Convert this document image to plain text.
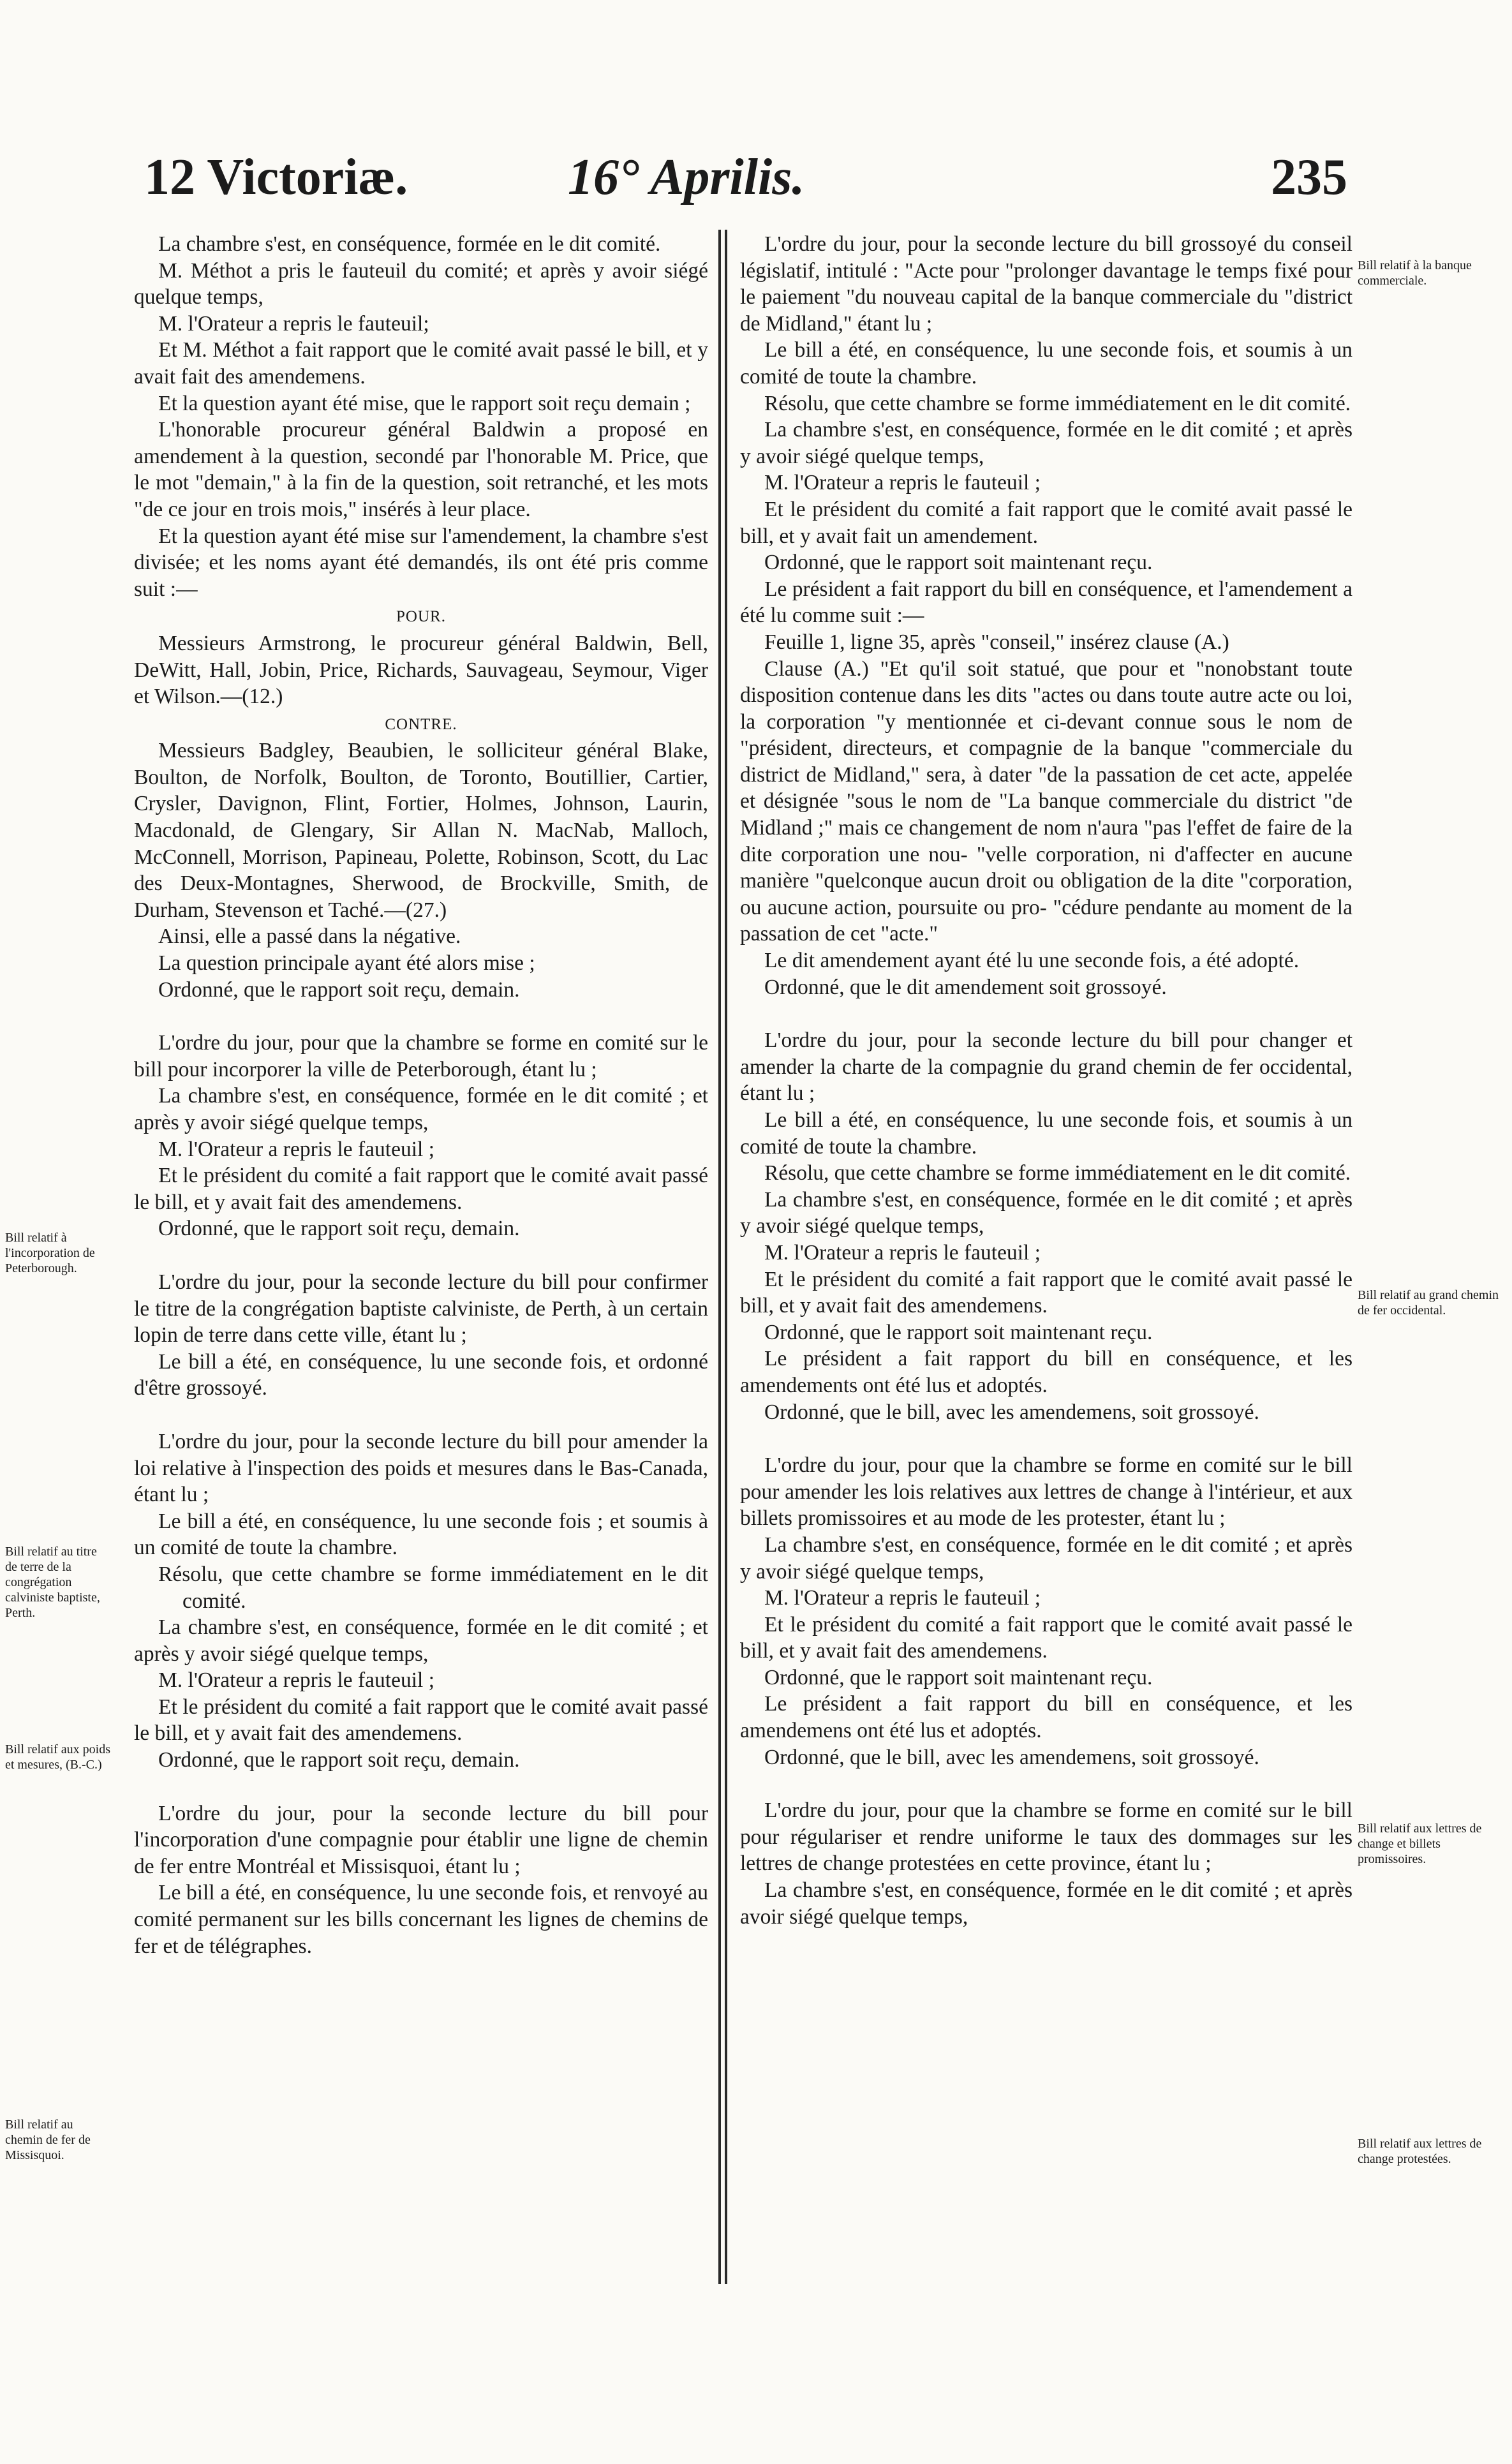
12 Victoriæ.	16° Aprilis.	235
Bill relatif à l'incorporation de Peterborough.
Bill relatif au titre de terre de la congrégation calviniste baptiste, Perth.
Bill relatif aux poids et mesures, (B.-C.)
Bill relatif au chemin de fer de Missisquoi.
Bill relatif à la banque commerciale.
Bill relatif au grand chemin de fer occidental.
Bill relatif aux lettres de change et billets promissoires.
Bill relatif aux lettres de change protestées.

La chambre s'est, en conséquence, formée en le dit comité.

M. Méthot a pris le fauteuil du comité; et après y avoir siégé quelque temps,

M. l'Orateur a repris le fauteuil;

Et M. Méthot a fait rapport que le comité avait passé le bill, et y avait fait des amendemens.

Et la question ayant été mise, que le rapport soit reçu demain ;

L'honorable procureur général Baldwin a proposé en amendement à la question, secondé par l'honorable M. Price, que le mot "demain," à la fin de la question, soit retranché, et les mots "de ce jour en trois mois," insérés à leur place.

Et la question ayant été mise sur l'amendement, la chambre s'est divisée; et les noms ayant été demandés, ils ont été pris comme suit :—

POUR.

Messieurs Armstrong, le procureur général Baldwin, Bell, DeWitt, Hall, Jobin, Price, Richards, Sauvageau, Seymour, Viger et Wilson.—(12.)

CONTRE.

Messieurs Badgley, Beaubien, le solliciteur général Blake, Boulton, de Norfolk, Boulton, de Toronto, Boutillier, Cartier, Crysler, Davignon, Flint, Fortier, Holmes, Johnson, Laurin, Macdonald, de Glengary, Sir Allan N. MacNab, Malloch, McConnell, Morrison, Papineau, Polette, Robinson, Scott, du Lac des Deux-Montagnes, Sherwood, de Brockville, Smith, de Durham, Stevenson et Taché.—(27.)

Ainsi, elle a passé dans la négative.

La question principale ayant été alors mise ;

Ordonné, que le rapport soit reçu, demain.

L'ordre du jour, pour que la chambre se forme en comité sur le bill pour incorporer la ville de Peterborough, étant lu ;

La chambre s'est, en conséquence, formée en le dit comité ; et après y avoir siégé quelque temps,

M. l'Orateur a repris le fauteuil ;

Et le président du comité a fait rapport que le comité avait passé le bill, et y avait fait des amendemens.

Ordonné, que le rapport soit reçu, demain.

L'ordre du jour, pour la seconde lecture du bill pour confirmer le titre de la congrégation baptiste calviniste, de Perth, à un certain lopin de terre dans cette ville, étant lu ;

Le bill a été, en conséquence, lu une seconde fois, et ordonné d'être grossoyé.

L'ordre du jour, pour la seconde lecture du bill pour amender la loi relative à l'inspection des poids et mesures dans le Bas-Canada, étant lu ;

Le bill a été, en conséquence, lu une seconde fois ; et soumis à un comité de toute la chambre.

Résolu, que cette chambre se forme immédiatement en le dit comité.

La chambre s'est, en conséquence, formée en le dit comité ; et après y avoir siégé quelque temps,

M. l'Orateur a repris le fauteuil ;

Et le président du comité a fait rapport que le comité avait passé le bill, et y avait fait des amendemens.

Ordonné, que le rapport soit reçu, demain.

L'ordre du jour, pour la seconde lecture du bill pour l'incorporation d'une compagnie pour établir une ligne de chemin de fer entre Montréal et Missisquoi, étant lu ;

Le bill a été, en conséquence, lu une seconde fois, et renvoyé au comité permanent sur les bills concernant les lignes de chemins de fer et de télégraphes.

L'ordre du jour, pour la seconde lecture du bill grossoyé du conseil législatif, intitulé : "Acte pour "prolonger davantage le temps fixé pour le paiement "du nouveau capital de la banque commerciale du "district de Midland," étant lu ;

Le bill a été, en conséquence, lu une seconde fois, et soumis à un comité de toute la chambre.

Résolu, que cette chambre se forme immédiatement en le dit comité.

La chambre s'est, en conséquence, formée en le dit comité ; et après y avoir siégé quelque temps,

M. l'Orateur a repris le fauteuil ;

Et le président du comité a fait rapport que le comité avait passé le bill, et y avait fait un amendement.

Ordonné, que le rapport soit maintenant reçu.

Le président a fait rapport du bill en conséquence, et l'amendement a été lu comme suit :—

Feuille 1, ligne 35, après "conseil," insérez clause (A.)

Clause (A.) "Et qu'il soit statué, que pour et "nonobstant toute disposition contenue dans les dits "actes ou dans toute autre acte ou loi, la corporation "y mentionnée et ci-devant connue sous le nom de "président, directeurs, et compagnie de la banque "commerciale du district de Midland," sera, à dater "de la passation de cet acte, appelée et désignée "sous le nom de "La banque commerciale du district "de Midland ;" mais ce changement de nom n'aura "pas l'effet de faire de la dite corporation une nou- "velle corporation, ni d'affecter en aucune manière "quelconque aucun droit ou obligation de la dite "corporation, ou aucune action, poursuite ou pro- "cédure pendante au moment de la passation de cet "acte."

Le dit amendement ayant été lu une seconde fois, a été adopté.

Ordonné, que le dit amendement soit grossoyé.

L'ordre du jour, pour la seconde lecture du bill pour changer et amender la charte de la compagnie du grand chemin de fer occidental, étant lu ;

Le bill a été, en conséquence, lu une seconde fois, et soumis à un comité de toute la chambre.

Résolu, que cette chambre se forme immédiatement en le dit comité.

La chambre s'est, en conséquence, formée en le dit comité ; et après y avoir siégé quelque temps,

M. l'Orateur a repris le fauteuil ;

Et le président du comité a fait rapport que le comité avait passé le bill, et y avait fait des amendemens.

Ordonné, que le rapport soit maintenant reçu.

Le président a fait rapport du bill en conséquence, et les amendements ont été lus et adoptés.

Ordonné, que le bill, avec les amendemens, soit grossoyé.

L'ordre du jour, pour que la chambre se forme en comité sur le bill pour amender les lois relatives aux lettres de change à l'intérieur, et aux billets promissoires et au mode de les protester, étant lu ;

La chambre s'est, en conséquence, formée en le dit comité ; et après y avoir siégé quelque temps,

M. l'Orateur a repris le fauteuil ;

Et le président du comité a fait rapport que le comité avait passé le bill, et y avait fait des amendemens.

Ordonné, que le rapport soit maintenant reçu.

Le président a fait rapport du bill en conséquence, et les amendemens ont été lus et adoptés.

Ordonné, que le bill, avec les amendemens, soit grossoyé.

L'ordre du jour, pour que la chambre se forme en comité sur le bill pour régulariser et rendre uniforme le taux des dommages sur les lettres de change protestées en cette province, étant lu ;

La chambre s'est, en conséquence, formée en le dit comité ; et après avoir siégé quelque temps,
